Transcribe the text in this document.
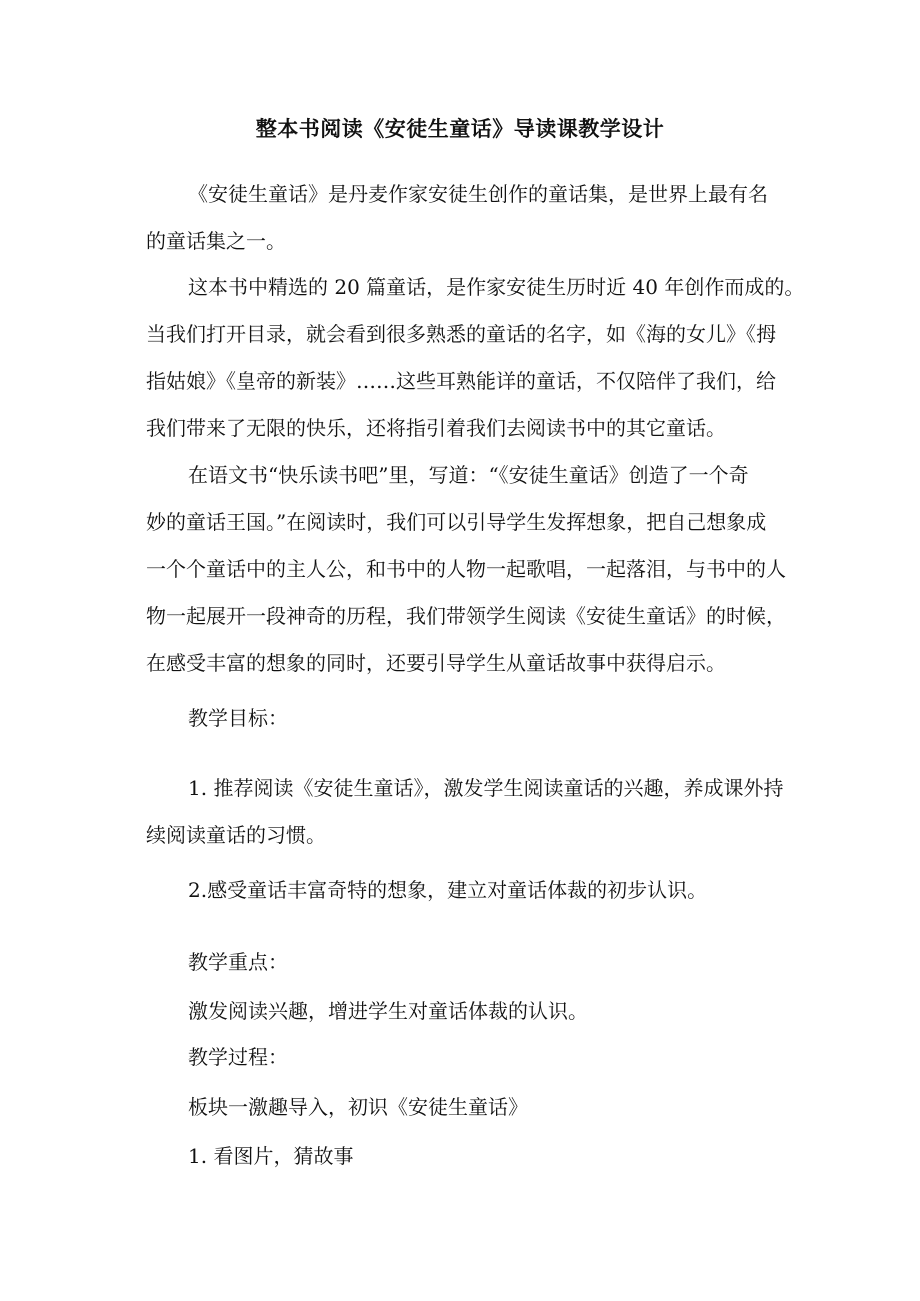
整本书阅读《安徒生童话》导读课教学设计

《安徒生童话》是丹麦作家安徒生创作的童话集，是世界上最有名

的童话集之一。

这本书中精选的 20 篇童话，是作家安徒生历时近 40 年创作而成的。

当我们打开目录，就会看到很多熟悉的童话的名字，如《海的女儿》《拇

指姑娘》《皇帝的新装》……这些耳熟能详的童话，不仅陪伴了我们，给

我们带来了无限的快乐，还将指引着我们去阅读书中的其它童话。

在语文书“快乐读书吧”里，写道：“《安徒生童话》创造了一个奇

妙的童话王国。”在阅读时，我们可以引导学生发挥想象，把自己想象成

一个个童话中的主人公，和书中的人物一起歌唱，一起落泪，与书中的人

物一起展开一段神奇的历程，我们带领学生阅读《安徒生童话》的时候，

在感受丰富的想象的同时，还要引导学生从童话故事中获得启示。

教学目标：

1. 推荐阅读《安徒生童话》，激发学生阅读童话的兴趣，养成课外持

续阅读童话的习惯。

2.感受童话丰富奇特的想象，建立对童话体裁的初步认识。

教学重点：

激发阅读兴趣，增进学生对童话体裁的认识。

教学过程：

板块一激趣导入，初识《安徒生童话》

1. 看图片，猜故事
